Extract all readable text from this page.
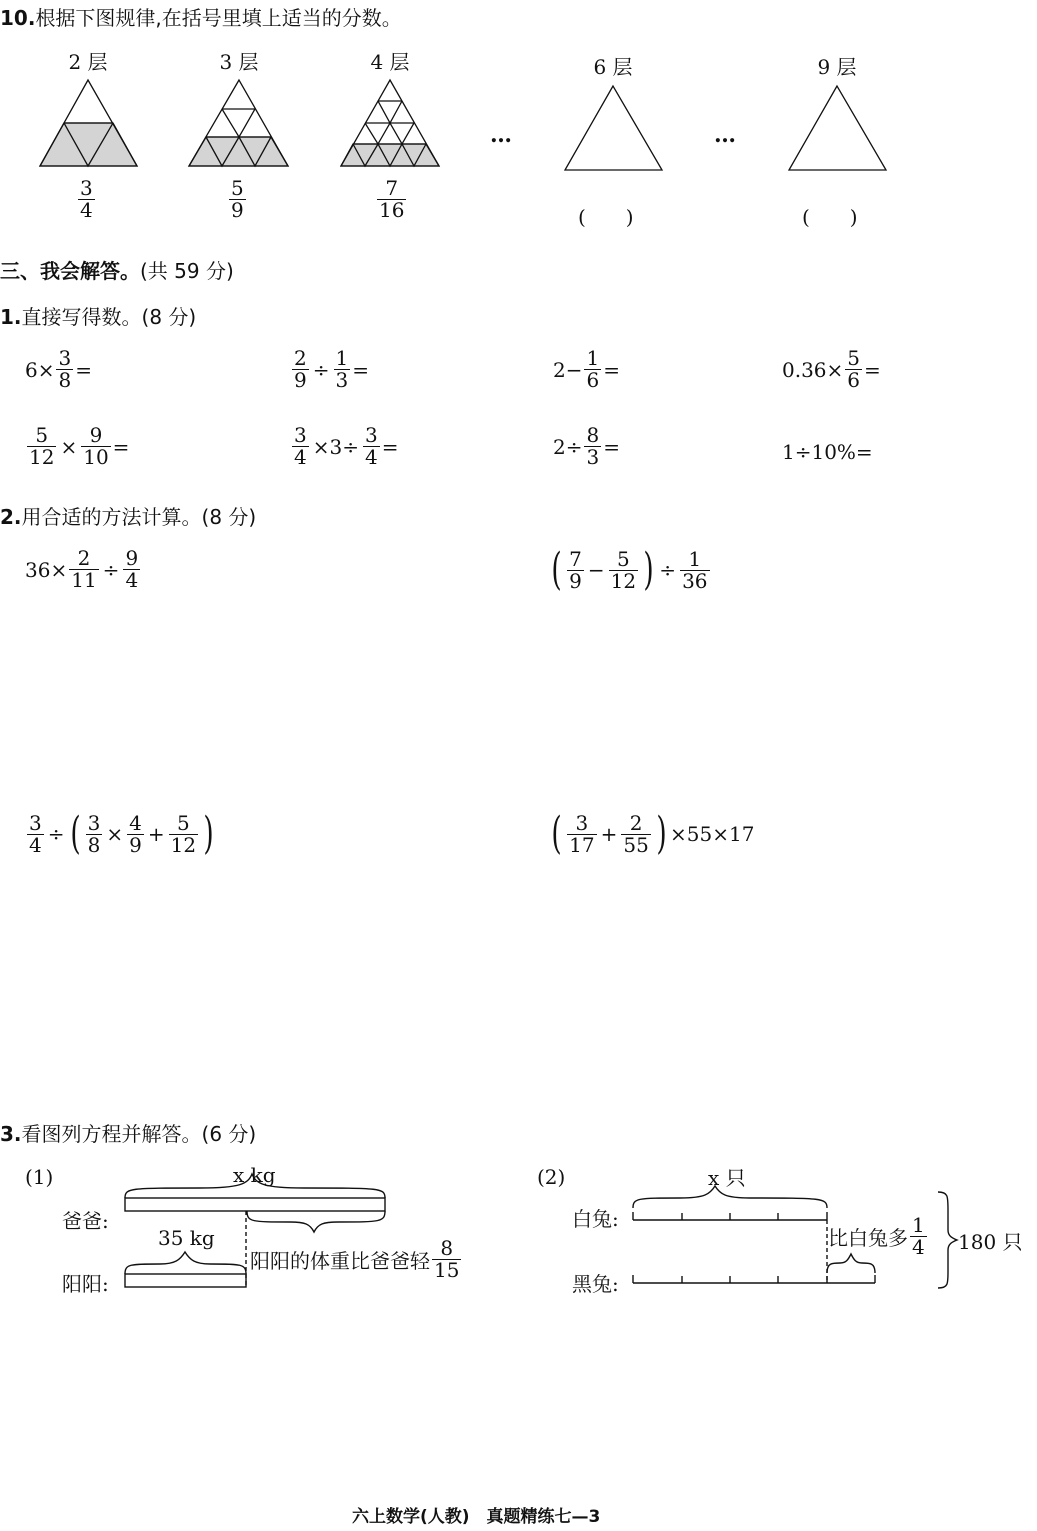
10.根据下图规律,在括号里填上适当的分数。
2 层	3 层	4 层	6 层	9 层
…	…
$\frac{3}{4}$	$\frac{5}{9}$	$\frac{7}{16}$	(　　)	(　　)
三、我会解答。(共 59 分)
1.直接写得数。(8 分)
$6\times \frac{3}{8}$ =	$\frac{2}{9} \div \frac{1}{3}$ =	$2- \frac{1}{6}$ =	$0.36\times \frac{5}{6}$ =
$\frac{5}{12} \times \frac{9}{10}$ =	$\frac{3}{4} \times 3\div \frac{3}{4}$ =	$2\div \frac{8}{3}$ =	1÷10%=
2.用合适的方法计算。(8 分)
$36\times \frac{2}{11} \div \frac{9}{4}$	( $\frac{7}{9} - \frac{5}{12}$ ) ÷ $\frac{1}{36}$
$\frac{3}{4}$ ÷ ( $\frac{3}{8} \times \frac{4}{9} + \frac{5}{12}$ )	( $\frac{3}{17} + \frac{2}{55}$ ) ×55×17
3.看图列方程并解答。(6 分)
(1)	x kg
爸爸:
阳阳:
35 kg
阳阳的体重比爸爸轻 $\frac{8}{15}$
(2)	x 只
白兔:
黑兔:
比白兔多 $\frac{1}{4} 180$ 只
六上数学(人教)　真题精练七—3
